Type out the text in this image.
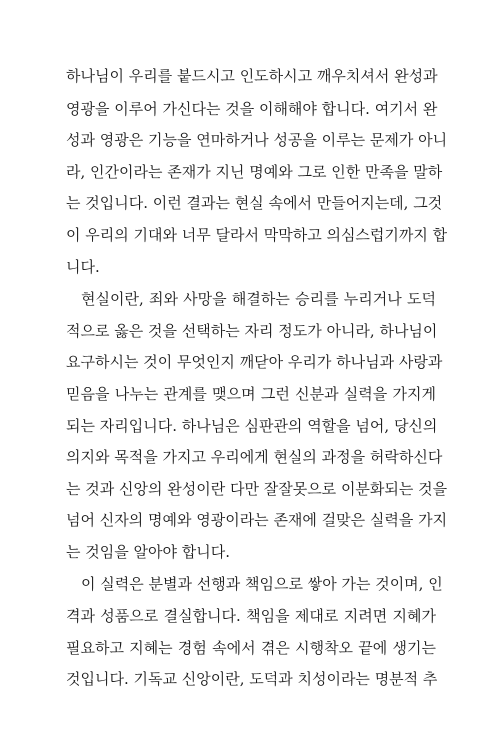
하나님이 우리를 붙드시고 인도하시고 깨우치셔서 완성과
영광을 이루어 가신다는 것을 이해해야 합니다. 여기서 완
성과 영광은 기능을 연마하거나 성공을 이루는 문제가 아니
라, 인간이라는 존재가 지닌 명예와 그로 인한 만족을 말하
는 것입니다. 이런 결과는 현실 속에서 만들어지는데, 그것
이 우리의 기대와 너무 달라서 막막하고 의심스럽기까지 합
니다.
현실이란, 죄와 사망을 해결하는 승리를 누리거나 도덕
적으로 옳은 것을 선택하는 자리 정도가 아니라, 하나님이
요구하시는 것이 무엇인지 깨닫아 우리가 하나님과 사랑과
믿음을 나누는 관계를 맺으며 그런 신분과 실력을 가지게
되는 자리입니다. 하나님은 심판관의 역할을 넘어, 당신의
의지와 목적을 가지고 우리에게 현실의 과정을 허락하신다
는 것과 신앙의 완성이란 다만 잘잘못으로 이분화되는 것을
넘어 신자의 명예와 영광이라는 존재에 걸맞은 실력을 가지
는 것임을 알아야 합니다.
이 실력은 분별과 선행과 책임으로 쌓아 가는 것이며, 인
격과 성품으로 결실합니다. 책임을 제대로 지려면 지혜가
필요하고 지혜는 경험 속에서 겪은 시행착오 끝에 생기는
것입니다. 기독교 신앙이란, 도덕과 치성이라는 명분적 추
